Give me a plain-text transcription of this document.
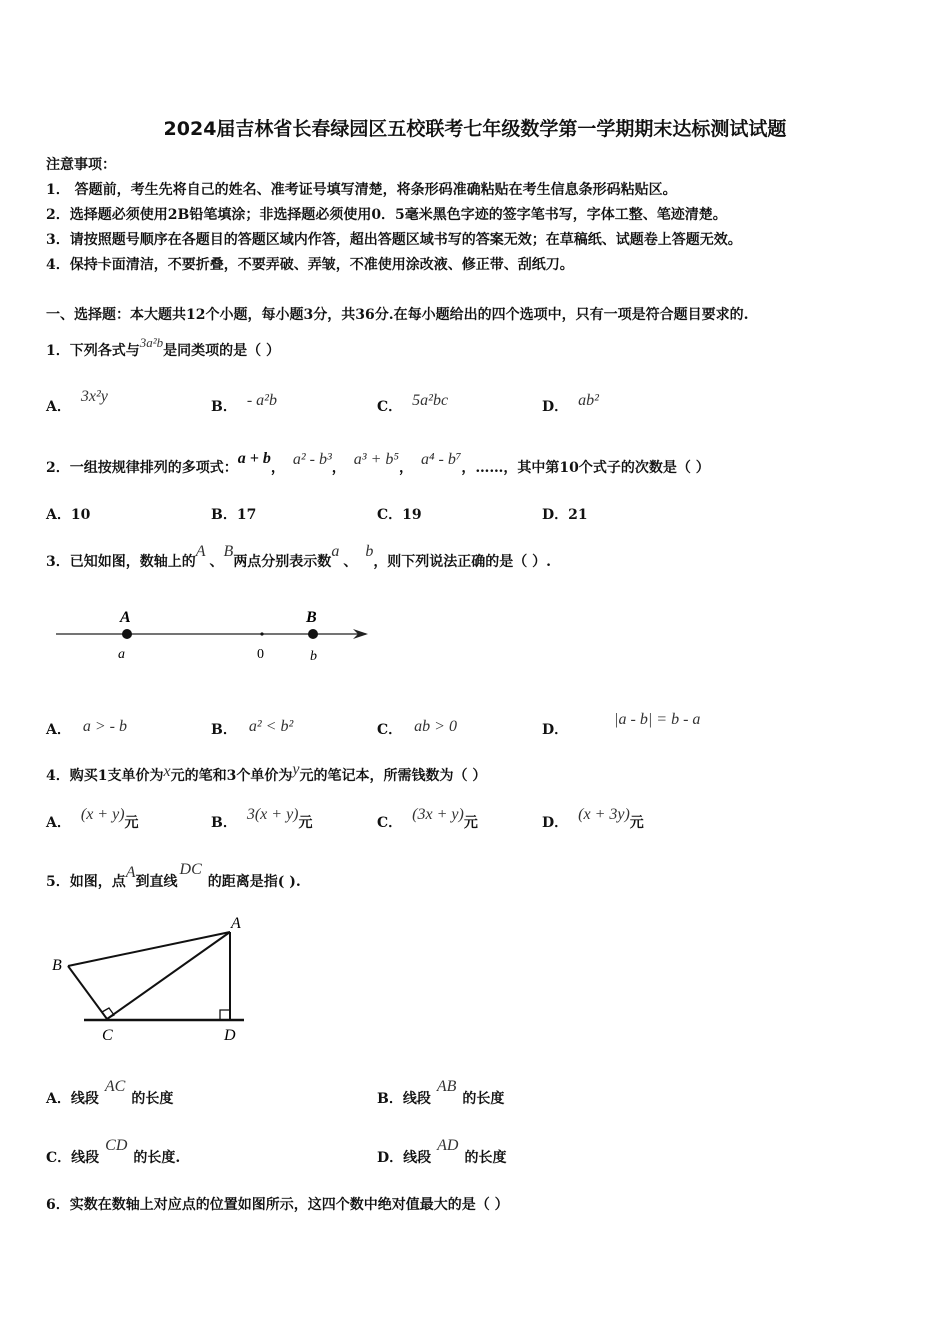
2024届吉林省长春绿园区五校联考七年级数学第一学期期末达标测试试题
注意事项：
1． 答题前，考生先将自己的姓名、准考证号填写清楚，将条形码准确粘贴在考生信息条形码粘贴区。
2．选择题必须使用2B铅笔填涂；非选择题必须使用0．5毫米黑色字迹的签字笔书写，字体工整、笔迹清楚。
3．请按照题号顺序在各题目的答题区域内作答，超出答题区域书写的答案无效；在草稿纸、试题卷上答题无效。
4．保持卡面清洁，不要折叠，不要弄破、弄皱，不准使用涂改液、修正带、刮纸刀。
一、选择题：本大题共12个小题，每小题3分，共36分.在每小题给出的四个选项中，只有一项是符合题目要求的.
1．下列各式与3a²b是同类项的是（ ）
A．3x²y
B． - a²b	C． 5a²bc	D． ab²
2．一组按规律排列的多项式：a + b， a² - b³， a³ + b⁵， a⁴ - b⁷，……，其中第10个式子的次数是（ ）
A．10	B．17	C．19	D．21
3．已知如图，数轴上的A、B两点分别表示数a、b，则下列说法正确的是（ ）.
A	B
a	0	b
A． a > - b	B． a² < b²	C． ab > 0	D．|a - b| = b - a
4．购买1支单价为x元的笔和3个单价为y元的笔记本，所需钱数为（ ）
A． (x + y)元	B． 3(x + y)元	C． (3x + y)元	D． (x + 3y)元
5．如图，点A到直线DC的距离是指( ).
A
B
C	D
A．线段AC的长度	B．线段AB的长度
C．线段CD的长度.	D．线段AD的长度
6．实数在数轴上对应点的位置如图所示，这四个数中绝对值最大的是（ ）
